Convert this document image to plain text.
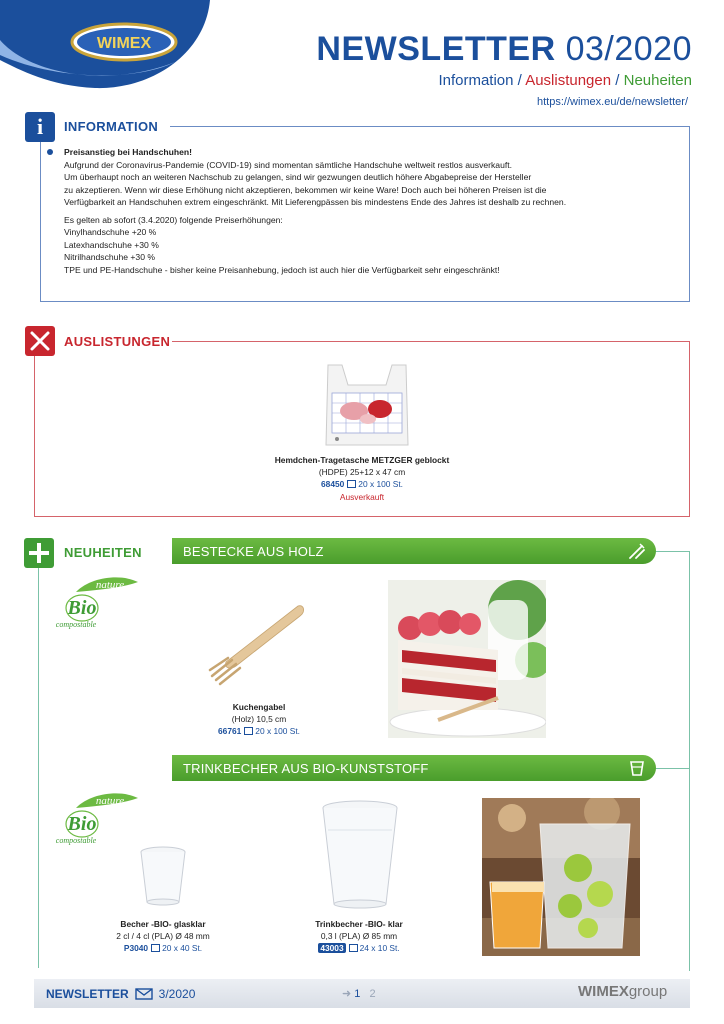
WIMEX	NEWSLETTER 03/2020
Information / Auslistungen / Neuheiten
https://wimex.eu/de/newsletter/
i	INFORMATION

Preisanstieg bei Handschuhen!

Aufgrund der Coronavirus-Pandemie (COVID-19) sind momentan sämtliche Handschuhe weltweit restlos ausverkauft.

Um überhaupt noch an weiteren Nachschub zu gelangen, sind wir gezwungen deutlich höhere Abgabepreise der Hersteller

zu akzeptieren. Wenn wir diese Erhöhung nicht akzeptieren, bekommen wir keine Ware! Doch auch bei höheren Preisen ist die

Verfügbarkeit an Handschuhen extrem eingeschränkt. Mit Lieferengpässen bis mindestens Ende des Jahres ist deshalb zu rechnen.

Es gelten ab sofort (3.4.2020) folgende Preiserhöhungen:

Vinylhandschuhe +20 %

Latexhandschuhe +30 %

Nitrilhandschuhe +30 %

TPE und PE-Handschuhe - bisher keine Preisanhebung, jedoch ist auch hier die Verfügbarkeit sehr eingeschränkt!

AUSLISTUNGEN
Hemdchen-Tragetasche METZGER geblockt
(HDPE) 25+12 x 47 cm
68450 20 x 100 St.
Ausverkauft
NEUHEITEN	BESTECKE AUS HOLZ
nature
Bio
compostable
Kuchengabel
(Holz) 10,5 cm
66761 20 x 100 St.
TRINKBECHER AUS BIO-KUNSTSTOFF
nature
Bio
compostable
Becher -BIO- glasklar
2 cl / 4 cl (PLA) Ø 48 mm
P3040 20 x 40 St.
Trinkbecher -BIO- klar
0,3 l (PLA) Ø 85 mm
43003 24 x 10 St.
NEWSLETTER	3/2020	➜ 1 2	WIMEXgroup
